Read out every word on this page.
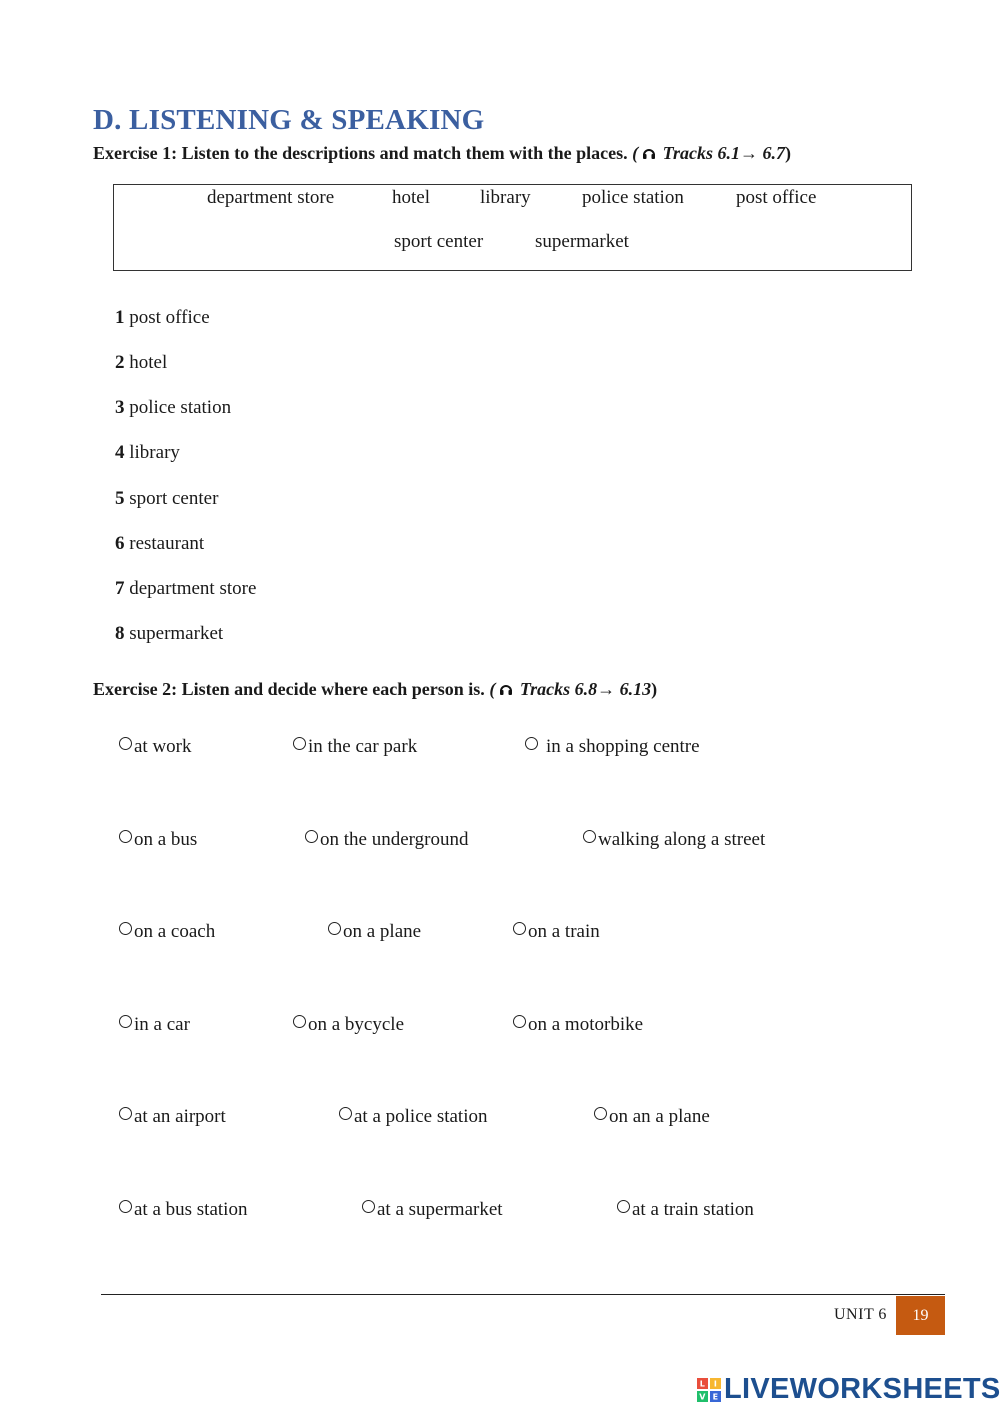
D. LISTENING & SPEAKING
Exercise 1: Listen to the descriptions and match them with the places. ( Tracks 6.1→ 6.7)
department store	hotel	library	police station	post office
sport center	supermarket
1 post office
2 hotel
3 police station
4 library
5 sport center
6 restaurant
7 department store
8 supermarket
Exercise 2: Listen and decide where each person is. ( Tracks 6.8→ 6.13)
at work	in the car park	in a shopping centre
on a bus	on the underground	walking along a street
on a coach	on a plane	on a train
in a car	on a bycycle	on a motorbike
at an airport	at a police station	on an a plane
at a bus station	at a supermarket	at a train station
UNIT 6	19
L I
V E LIVEWORKSHEETS
